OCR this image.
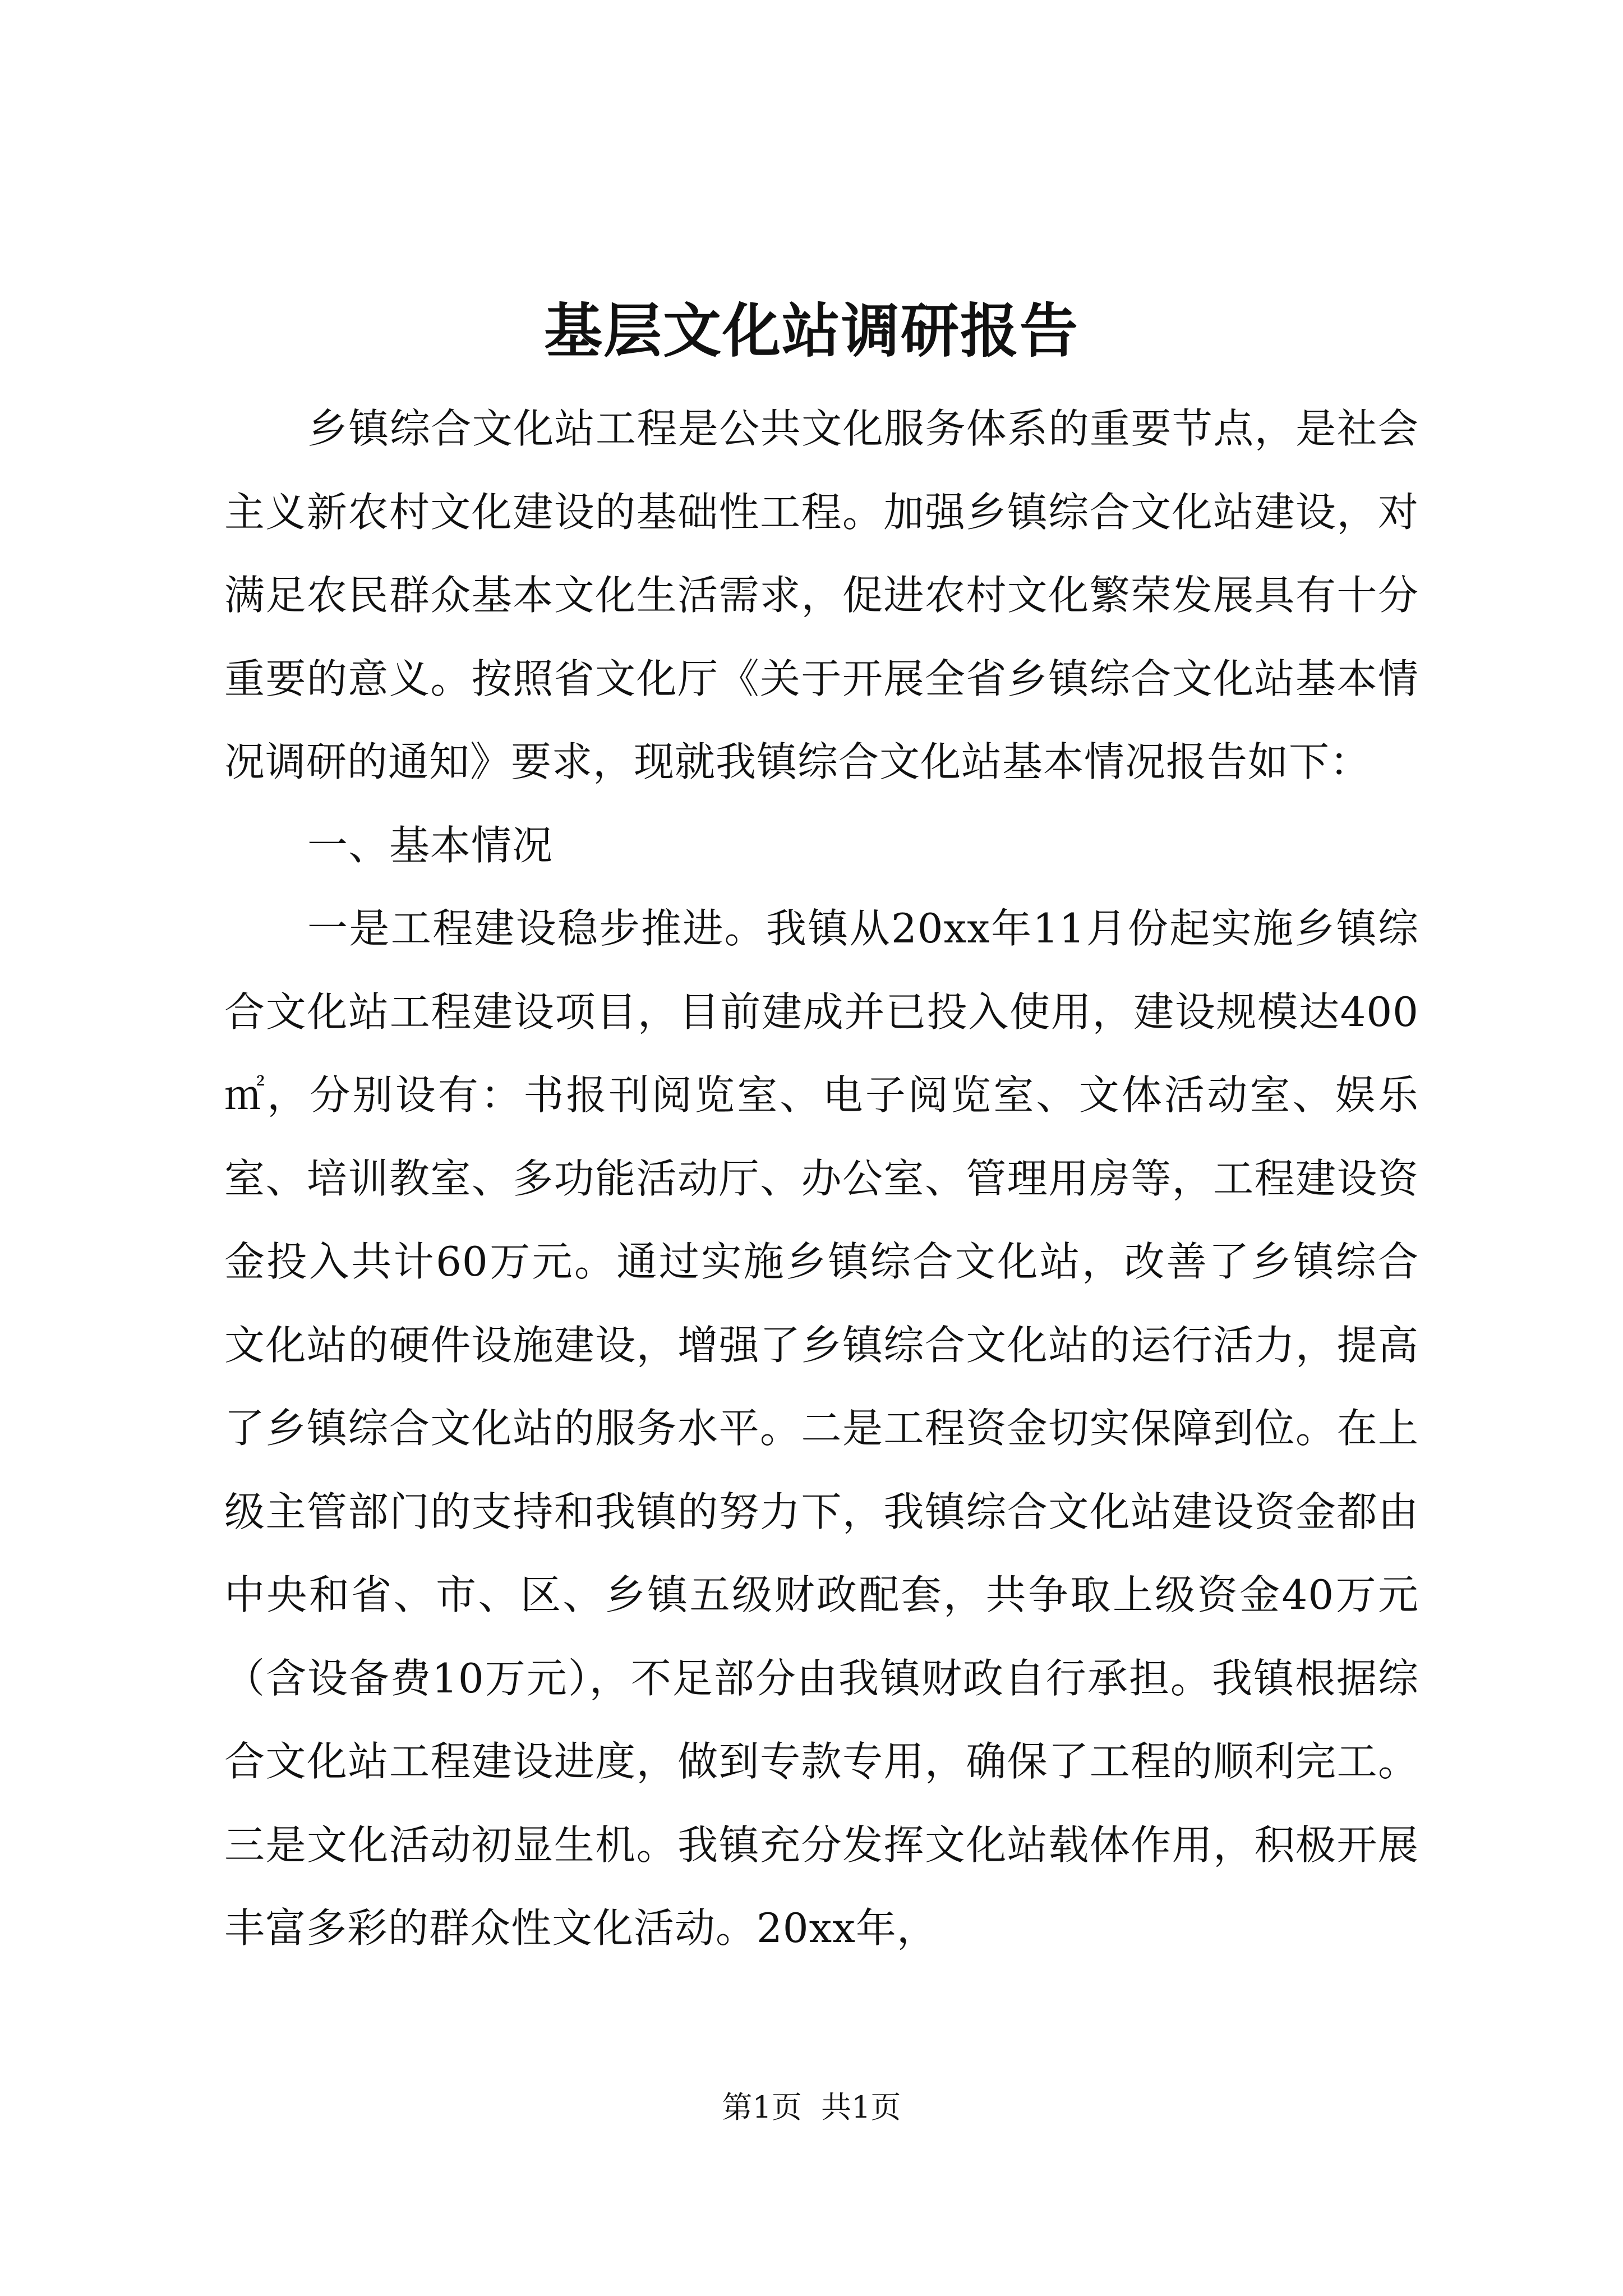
基层文化站调研报告

乡镇综合文化站工程是公共文化服务体系的重要节点，是社会主义新农村文化建设的基础性工程。加强乡镇综合文化站建设，对满足农民群众基本文化生活需求，促进农村文化繁荣发展具有十分重要的意义。按照省文化厅《关于开展全省乡镇综合文化站基本情况调研的通知》要求，现就我镇综合文化站基本情况报告如下：

一、基本情况

一是工程建设稳步推进。我镇从20xx年11月份起实施乡镇综合文化站工程建设项目，目前建成并已投入使用，建设规模达400㎡，分别设有：书报刊阅览室、电子阅览室、文体活动室、娱乐室、培训教室、多功能活动厅、办公室、管理用房等，工程建设资金投入共计60万元。通过实施乡镇综合文化站，改善了乡镇综合文化站的硬件设施建设，增强了乡镇综合文化站的运行活力，提高了乡镇综合文化站的服务水平。二是工程资金切实保障到位。在上级主管部门的支持和我镇的努力下，我镇综合文化站建设资金都由中央和省、市、区、乡镇五级财政配套，共争取上级资金40万元（含设备费10万元），不足部分由我镇财政自行承担。我镇根据综合文化站工程建设进度，做到专款专用，确保了工程的顺利完工。三是文化活动初显生机。我镇充分发挥文化站载体作用，积极开展丰富多彩的群众性文化活动。20xx年，

第1页  共1页
